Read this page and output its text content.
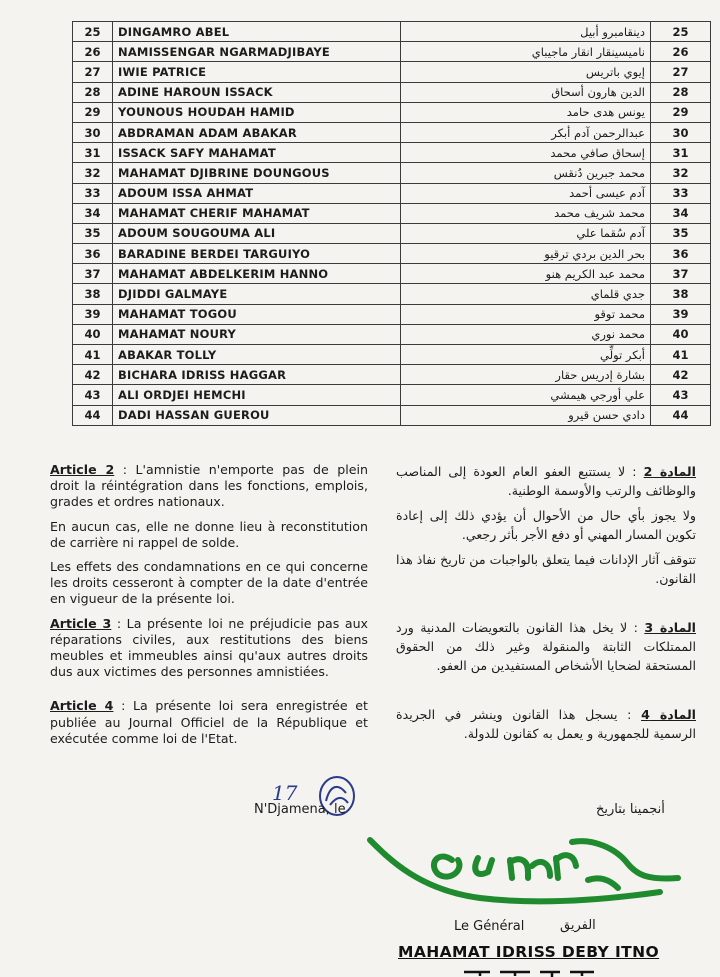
25	DINGAMRO ABEL	دينقامبرو أبيل	25
26	NAMISSENGAR NGARMADJIBAYE	ناميسينقار انقار ماجيباي	26
27	IWIE PATRICE	إيوي باتريس	27
28	ADINE HAROUN ISSACK	الدين هارون أسحاق	28
29	YOUNOUS HOUDAH HAMID	يونس هدى حامد	29
30	ABDRAMAN ADAM ABAKAR	عبدالرحمن آدم أبكر	30
31	ISSACK SAFY MAHAMAT	إسحاق صافي محمد	31
32	MAHAMAT DJIBRINE DOUNGOUS	محمد جبرين دُنقس	32
33	ADOUM ISSA AHMAT	آدم عيسى أحمد	33
34	MAHAMAT CHERIF MAHAMAT	محمد شريف محمد	34
35	ADOUM SOUGOUMA ALI	آدم سُقما علي	35
36	BARADINE BERDEI TARGUIYO	بحر الدين بردي ترقيو	36
37	MAHAMAT ABDELKERIM HANNO	محمد عبد الكريم هنو	37
38	DJIDDI GALMAYE	جدي قلماي	38
39	MAHAMAT TOGOU	محمد توقو	39
40	MAHAMAT NOURY	محمد نوري	40
41	ABAKAR TOLLY	أبكر تولِّي	41
42	BICHARA IDRISS HAGGAR	بشارة إدريس حقار	42
43	ALI ORDJEI HEMCHI	علي أورجي هيمشي	43
44	DADI HASSAN GUEROU	دادي حسن قيرو	44

Article 2 : L'amnistie n'emporte pas de plein droit la réintégration dans les fonctions, emplois, grades et ordres nationaux.

En aucun cas, elle ne donne lieu à reconstitution de carrière ni rappel de solde.

Les effets des condamnations en ce qui concerne les droits cesseront à compter de la date d'entrée en vigueur de la présente loi.

Article 3 : La présente loi ne préjudicie pas aux réparations civiles, aux restitutions des biens meubles et immeubles ainsi qu'aux autres droits dus aux victimes des personnes amnistiées.

Article 4 : La présente loi sera enregistrée et publiée au Journal Officiel de la République et exécutée comme loi de l'Etat.

المادة 2 : لا يستتبع العفو العام العودة إلى المناصب والوظائف والرتب والأوسمة الوطنية.

ولا يجوز بأي حال من الأحوال أن يؤدي ذلك إلى إعادة تكوين المسار المهني أو دفع الأجر بأثر رجعي.

تتوقف آثار الإدانات فيما يتعلق بالواجبات من تاريخ نفاذ هذا القانون.

المادة 3 : لا يخل هذا القانون بالتعويضات المدنية ورد الممتلكات الثابتة والمنقولة وغير ذلك من الحقوق المستحقة لضحايا الأشخاص المستفيدين من العفو.

المادة 4 : يسجل هذا القانون وينشر في الجريدة الرسمية للجمهورية و يعمل به كقانون للدولة.

17
N'Djamena, le	أنجمينا بتاريخ
Le Général	الفريق
MAHAMAT IDRISS DEBY ITNO
